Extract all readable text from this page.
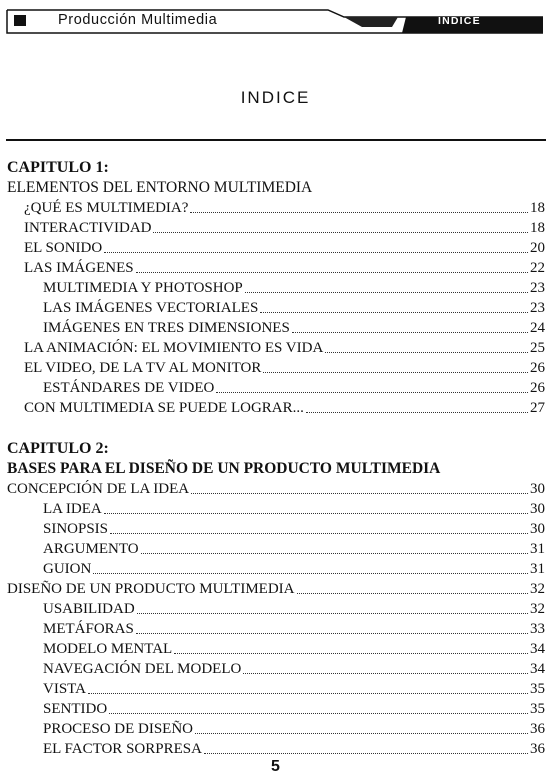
Producción Multimedia	INDICE
INDICE
CAPITULO 1:
ELEMENTOS DEL ENTORNO MULTIMEDIA
¿QUÉ ES MULTIMEDIA?	18
INTERACTIVIDAD	18
EL SONIDO	20
LAS IMÁGENES	22
MULTIMEDIA Y PHOTOSHOP	23
LAS IMÁGENES VECTORIALES	23
IMÁGENES EN TRES DIMENSIONES	24
LA ANIMACIÓN: EL MOVIMIENTO ES VIDA	25
EL VIDEO, DE LA TV AL MONITOR	26
ESTÁNDARES DE VIDEO	26
CON MULTIMEDIA SE PUEDE LOGRAR...	27
CAPITULO 2:
BASES PARA EL DISEÑO DE UN PRODUCTO MULTIMEDIA
CONCEPCIÓN DE LA IDEA	30
LA IDEA	30
SINOPSIS	30
ARGUMENTO	31
GUION	31
DISEÑO DE UN PRODUCTO MULTIMEDIA	32
USABILIDAD	32
METÁFORAS	33
MODELO MENTAL	34
NAVEGACIÓN DEL MODELO	34
VISTA	35
SENTIDO	35
PROCESO DE DISEÑO	36
EL FACTOR SORPRESA	36
5
